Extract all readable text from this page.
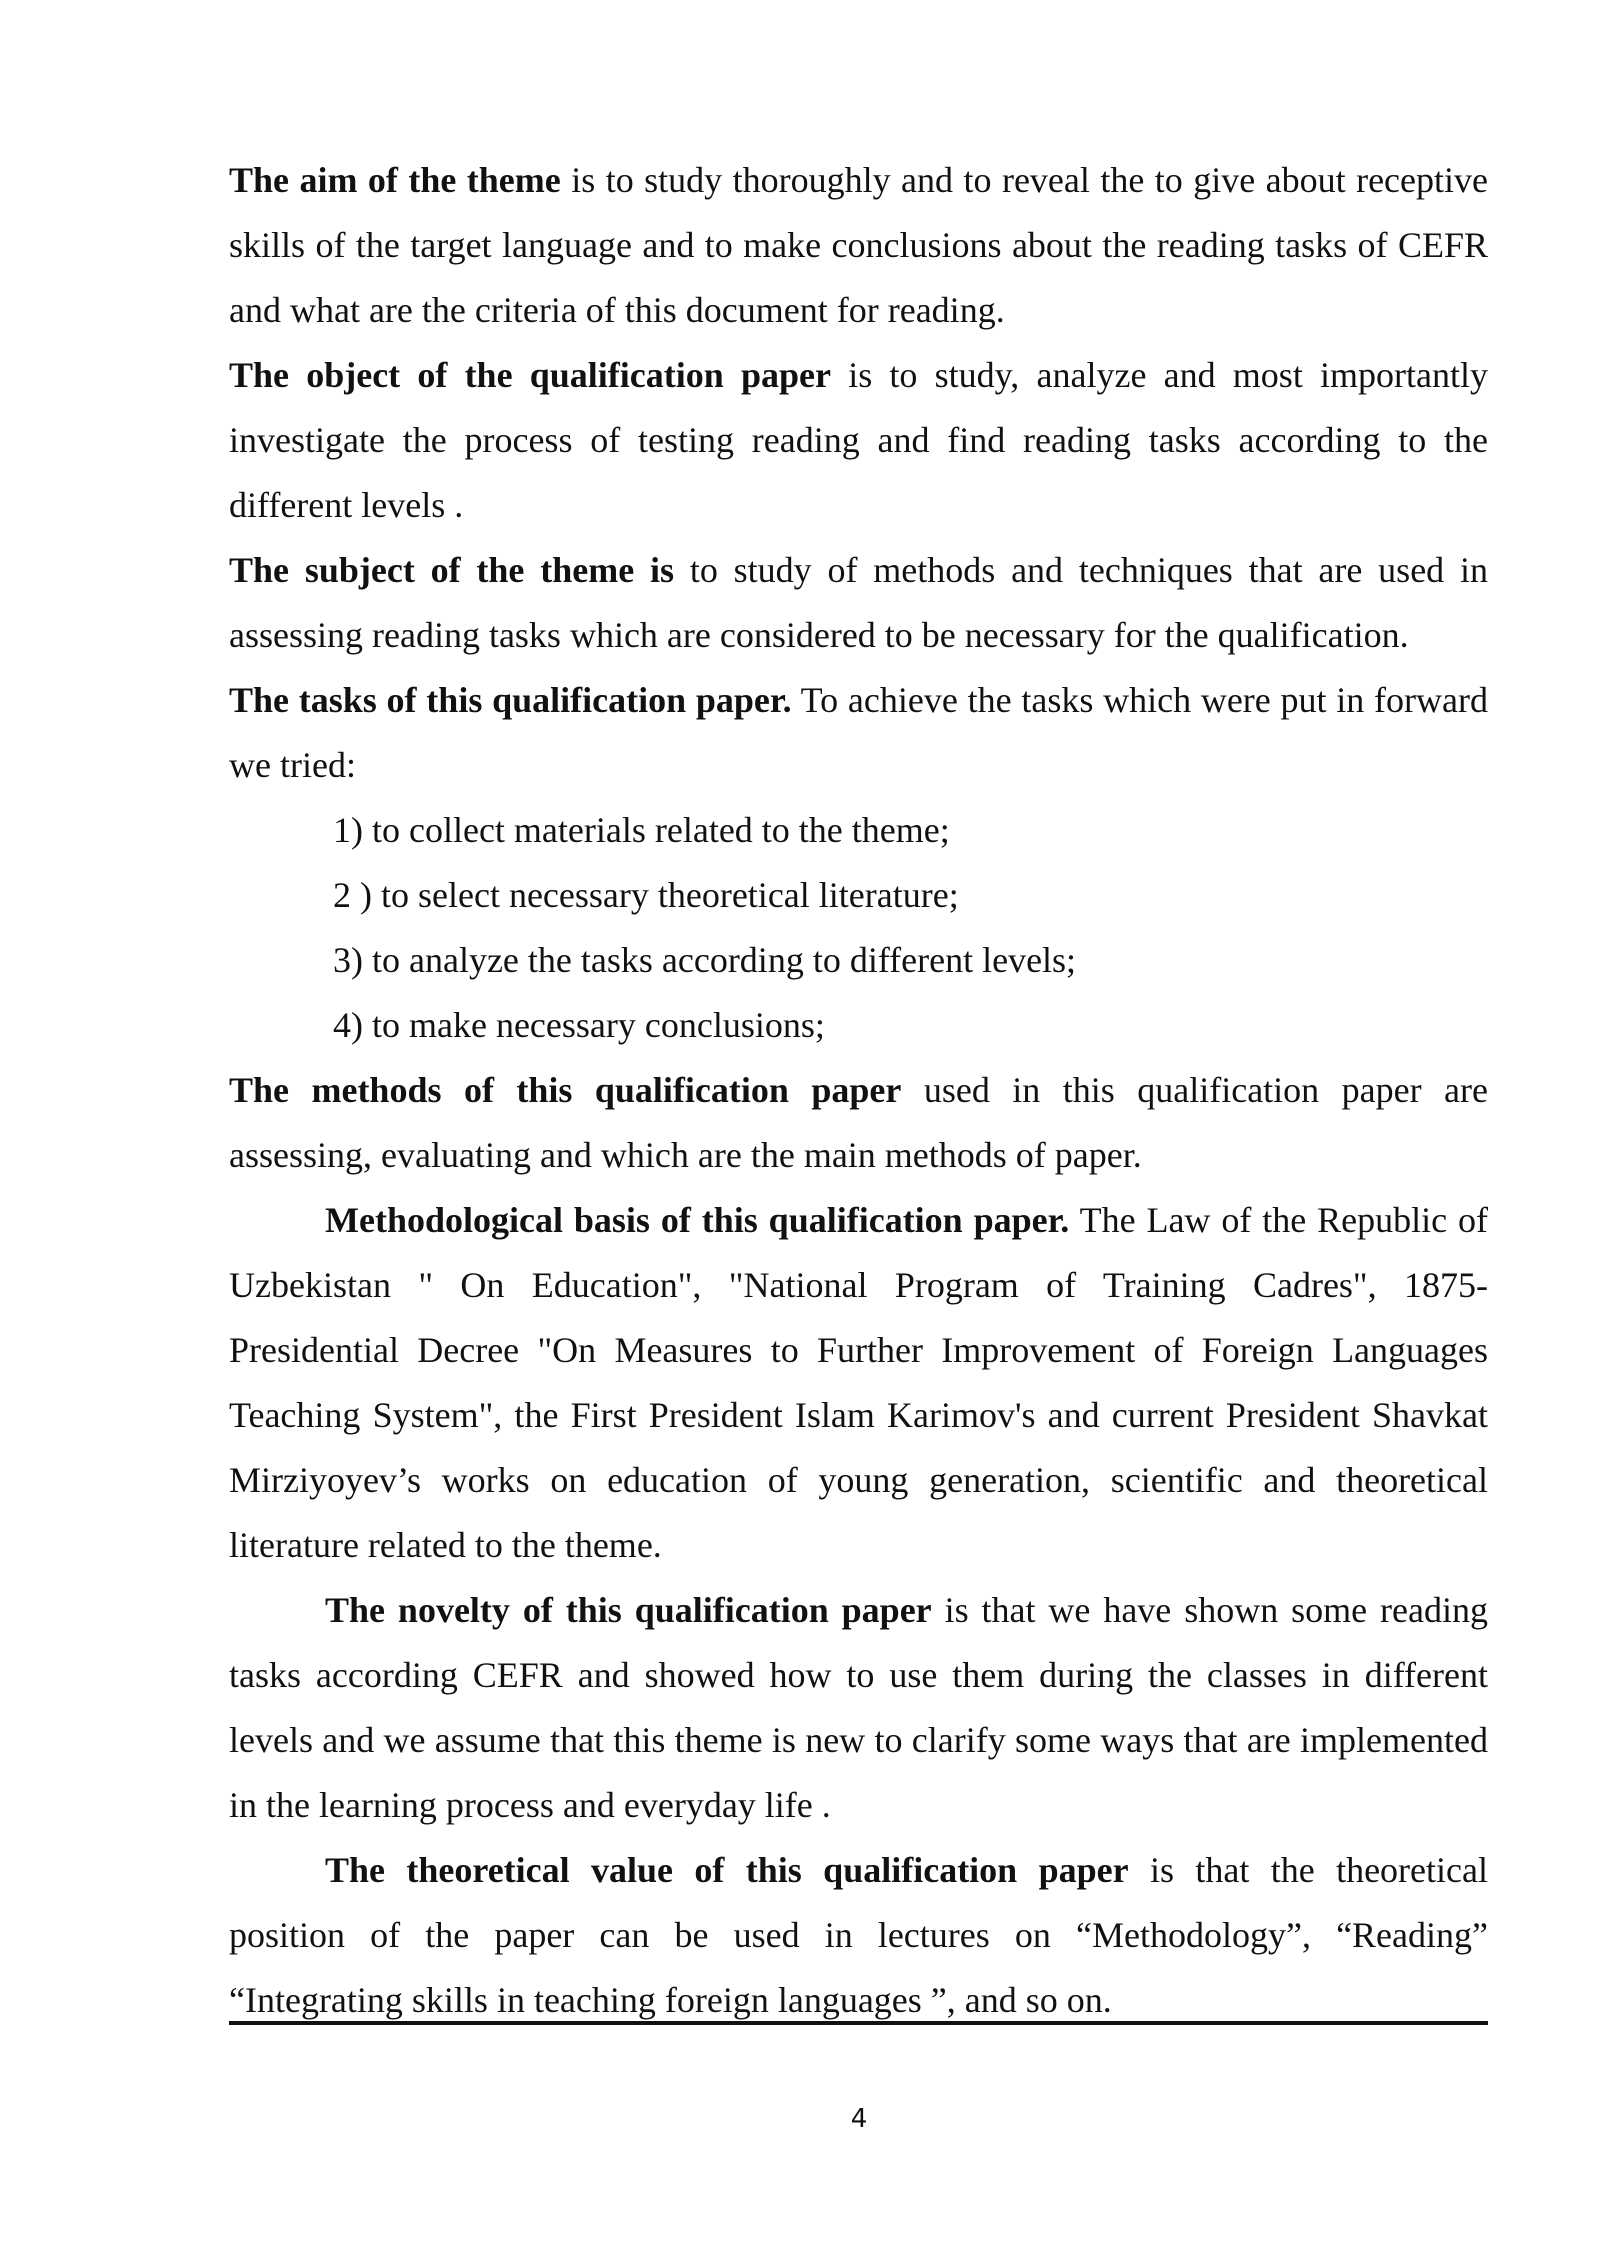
The aim of the theme is to study thoroughly and to reveal the to give about receptive skills of the target language and to make conclusions about the reading tasks of CEFR and what are the criteria of this document for reading.

The object of the qualification paper is to study, analyze and most importantly investigate the process of testing reading and find reading tasks according to the different levels .

The subject of the theme is to study of methods and techniques that are used in assessing reading tasks which are considered to be necessary for the qualification.

The tasks of this qualification paper. To achieve the tasks which were put in forward we tried:

1) to collect materials related to the theme;
2 ) to select necessary theoretical literature;
3) to analyze the tasks according to different levels;
4) to make necessary conclusions;

The methods of this qualification paper used in this qualification paper are assessing, evaluating and which are the main methods of paper.

Methodological basis of this qualification paper. The Law of the Republic of Uzbekistan " On Education", "National Program of Training Cadres", 1875-Presidential Decree "On Measures to Further Improvement of Foreign Languages Teaching System", the First President Islam Karimov's and current President Shavkat Mirziyoyev’s works on education of young generation, scientific and theoretical literature related to the theme.

The novelty of this qualification paper is that we have shown some reading tasks according CEFR and showed how to use them during the classes in different levels and we assume that this theme is new to clarify some ways that are implemented in the learning process and everyday life .

The theoretical value of this qualification paper is that the theoretical position of the paper can be used in lectures on “Methodology”, “Reading” “Integrating skills in teaching foreign languages ”, and so on.

4
